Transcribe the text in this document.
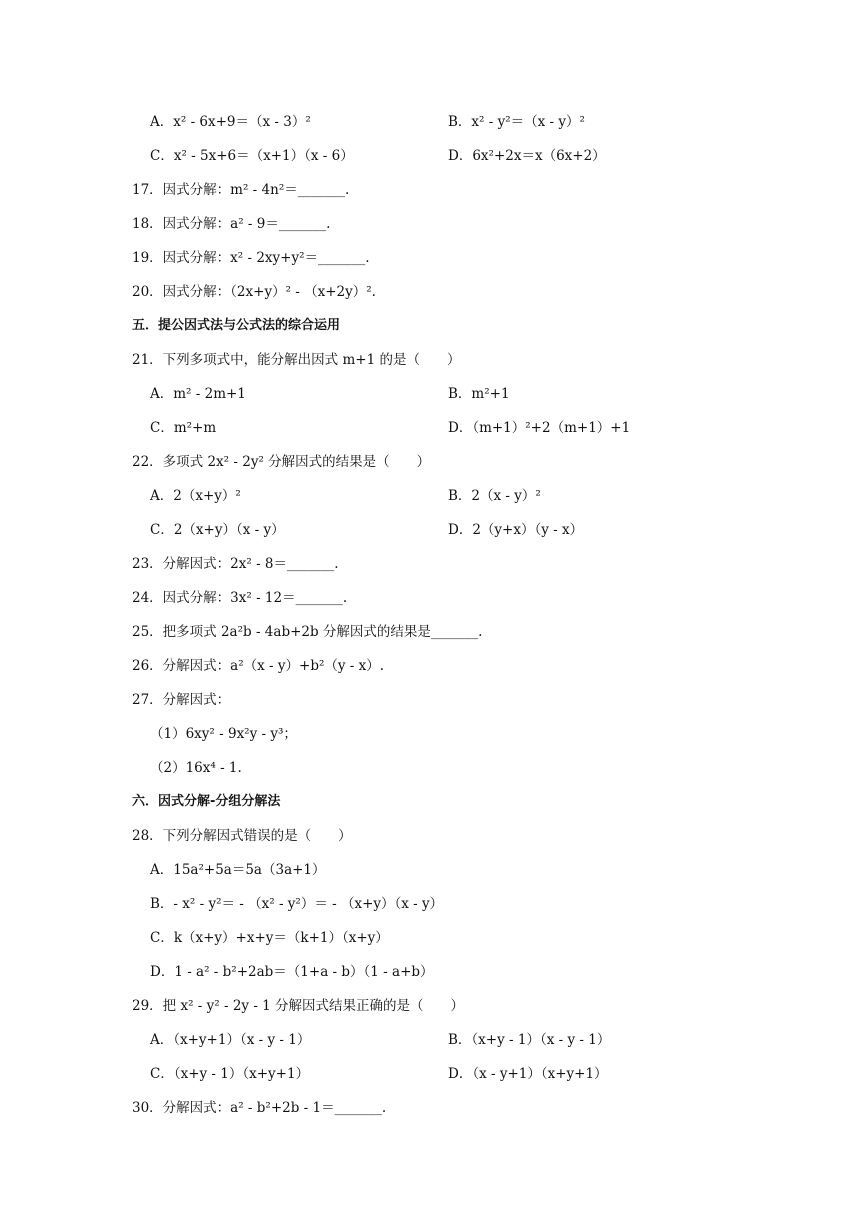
A．x² - 6x+9＝（x - 3）²	B．x² - y²＝（x - y）²
C．x² - 5x+6＝（x+1）（x - 6）	D．6x²+2x＝x（6x+2）
17．因式分解：m² - 4n²＝_______.
18．因式分解：a² - 9＝_______.
19．因式分解：x² - 2xy+y²＝_______.
20．因式分解：（2x+y）² - （x+2y）².
五．提公因式法与公式法的综合运用
21．下列多项式中，能分解出因式 m+1 的是（　　）
A．m² - 2m+1	B．m²+1
C．m²+m	D．（m+1）²+2（m+1）+1
22．多项式 2x² - 2y² 分解因式的结果是（　　）
A．2（x+y）²	B．2（x - y）²
C．2（x+y）（x - y）	D．2（y+x）（y - x）
23．分解因式：2x² - 8＝_______.
24．因式分解：3x² - 12＝_______.
25．把多项式 2a²b - 4ab+2b 分解因式的结果是_______.
26．分解因式：a²（x - y）+b²（y - x）.
27．分解因式：
（1）6xy² - 9x²y - y³；
（2）16x⁴ - 1.
六．因式分解-分组分解法
28．下列分解因式错误的是（　　）
A．15a²+5a＝5a（3a+1）
B．- x² - y²＝ - （x² - y²）＝ - （x+y）（x - y）
C．k（x+y）+x+y＝（k+1）（x+y）
D．1 - a² - b²+2ab＝（1+a - b）（1 - a+b）
29．把 x² - y² - 2y - 1 分解因式结果正确的是（　　）
A．（x+y+1）（x - y - 1）	B．（x+y - 1）（x - y - 1）
C．（x+y - 1）（x+y+1）	D．（x - y+1）（x+y+1）
30．分解因式：a² - b²+2b - 1＝_______.
